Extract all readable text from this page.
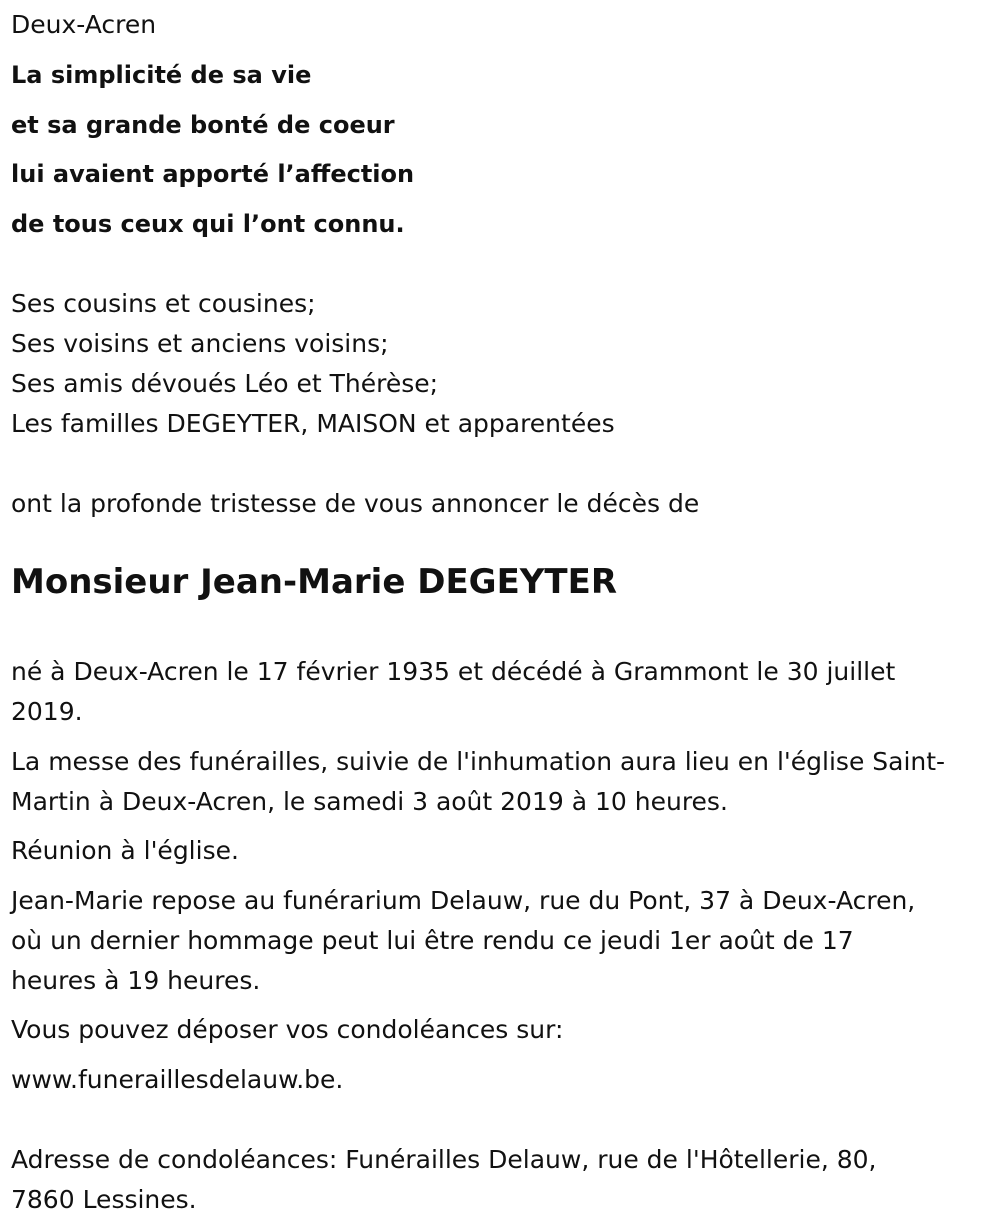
Deux-Acren
La simplicité de sa vie
et sa grande bonté de coeur
lui avaient apporté l’affection
de tous ceux qui l’ont connu.
Ses cousins et cousines;
Ses voisins et anciens voisins;
Ses amis dévoués Léo et Thérèse;
Les familles DEGEYTER, MAISON et apparentées
ont la profonde tristesse de vous annoncer le décès de
Monsieur Jean-Marie DEGEYTER
né à Deux-Acren le 17 février 1935 et décédé à Grammont le 30 juillet
2019.
La messe des funérailles, suivie de l'inhumation aura lieu en l'église Saint-
Martin à Deux-Acren, le samedi 3 août 2019 à 10 heures.
Réunion à l'église.
Jean-Marie repose au funérarium Delauw, rue du Pont, 37 à Deux-Acren,
où un dernier hommage peut lui être rendu ce jeudi 1er août de 17
heures à 19 heures.
Vous pouvez déposer vos condoléances sur:
www.funeraillesdelauw.be.
Adresse de condoléances: Funérailles Delauw, rue de l'Hôtellerie, 80,
7860 Lessines.
